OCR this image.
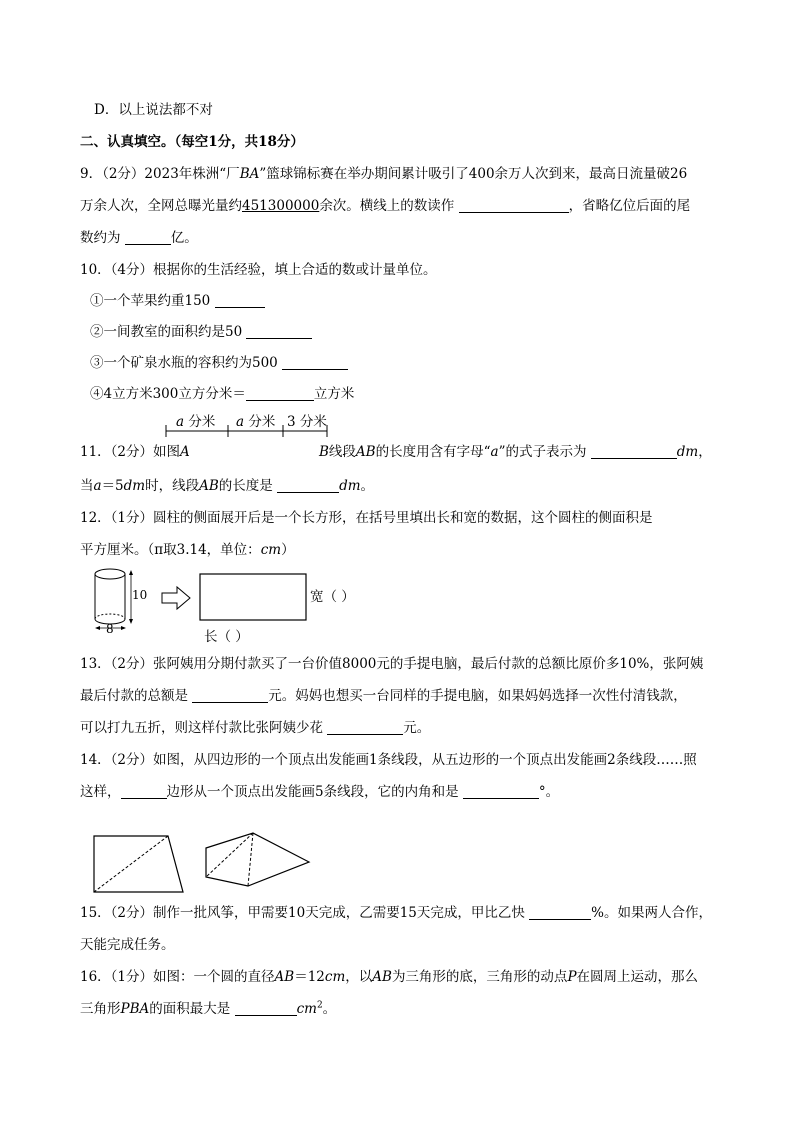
D．以上说法都不对
二、认真填空。（每空1分，共18分）
9．（2分）2023年株洲“厂BA”篮球锦标赛在举办期间累计吸引了400余万人次到来，最高日流量破26
万余人次，全网总曝光量约451300000余次。横线上的数读作	，省略亿位后面的尾
数约为	亿。
10．（4分）根据你的生活经验，填上合适的数或计量单位。
①一个苹果约重150
②一间教室的面积约是50
③一个矿泉水瓶的容积约为500
④4立方米300立方分米＝	立方米
a 分米 a 分米 3 分米
11．（2分）如图A	B线段AB的长度用含有字母“a”的式子表示为	dm，
当a＝5dm时，线段AB的长度是	dm。
12．（1分）圆柱的侧面展开后是一个长方形，在括号里填出长和宽的数据，这个圆柱的侧面积是
平方厘米。（π取3.14，单位：cm）
10
8
宽（ ）
长（ ）
13．（2分）张阿姨用分期付款买了一台价值8000元的手提电脑，最后付款的总额比原价多10%，张阿姨
最后付款的总额是	元。妈妈也想买一台同样的手提电脑，如果妈妈选择一次性付清钱款，
可以打九五折，则这样付款比张阿姨少花	元。
14．（2分）如图，从四边形的一个顶点出发能画1条线段，从五边形的一个顶点出发能画2条线段……照
这样，	边形从一个顶点出发能画5条线段，它的内角和是	°。
15．（2分）制作一批风筝，甲需要10天完成，乙需要15天完成，甲比乙快	%。如果两人合作，
天能完成任务。
16．（1分）如图：一个圆的直径AB＝12cm，以AB为三角形的底，三角形的动点P在圆周上运动，那么
三角形PBA的面积最大是	$cm^2$。
